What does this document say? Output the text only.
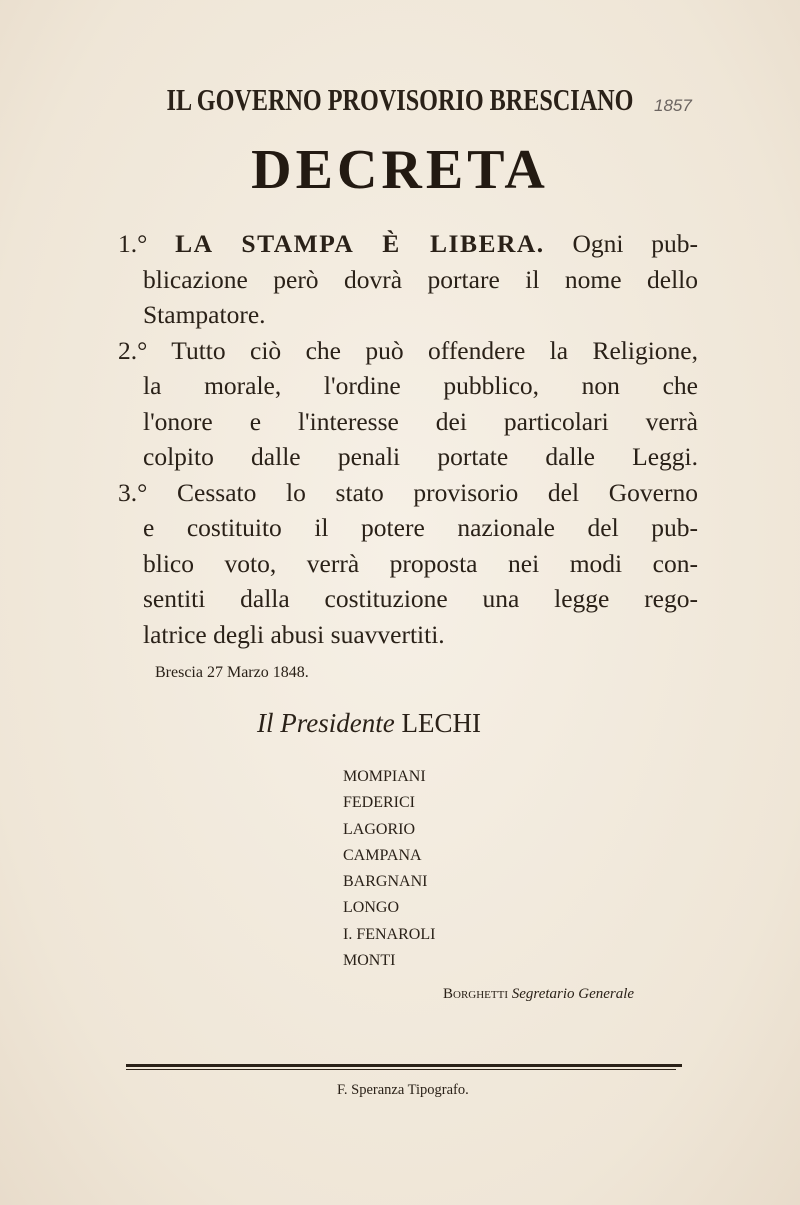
IL GOVERNO PROVISORIO BRESCIANO	1857
DECRETA
1.° LA STAMPA È LIBERA. Ogni pub-
blicazione però dovrà portare il nome dello
Stampatore.
2.° Tutto ciò che può offendere la Religione,
la morale, l'ordine pubblico, non che
l'onore e l'interesse dei particolari verrà
colpito dalle penali portate dalle Leggi.
3.° Cessato lo stato provisorio del Governo
e costituito il potere nazionale del pub-
blico voto, verrà proposta nei modi con-
sentiti dalla costituzione una legge rego-
latrice degli abusi suavvertiti.
Brescia 27 Marzo 1848.
Il Presidente LECHI
MOMPIANI
FEDERICI
LAGORIO
CAMPANA
BARGNANI
LONGO
I. FENAROLI
MONTI
Borghetti Segretario Generale
F. Speranza Tipografo.
